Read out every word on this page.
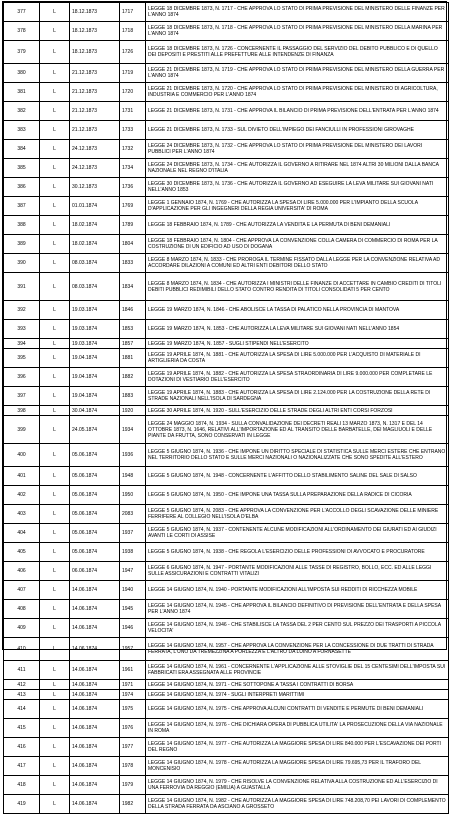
377	L	18.12.1873	1717	LEGGE 18 DICEMBRE 1873, N. 1717 - CHE APPROVA LO STATO DI PRIMA PREVISIONE DEL MINISTERO DELLE FINANZE PER L'ANNO 1874
378	L	18.12.1873	1718	LEGGE 18 DICEMBRE 1873, N. 1718 - CHE APPROVA LO STATO DI PRIMA PREVISIONE DEL MINISTERO DELLA MARINA PER L'ANNO 1874
379	L	18.12.1873	1726	LEGGE 18 DICEMBRE 1873, N. 1726 - CONCERNENTE IL PASSAGGIO DEL SERVIZIO DEL DEBITO PUBBLICO E DI QUELLO DEI DEPOSITI E PRESTITI ALLE PREFETTURE ALLE INTENDENZE DI FINANZA
380	L	21.12.1873	1719	LEGGE 21 DICEMBRE 1873, N. 1719 - CHE APPROVA LO STATO DI PRIMA PREVISIONE DEL MINISTERO DELLA GUERRA PER L'ANNO 1874
381	L	21.12.1873	1720	LEGGE 21 DICEMBRE 1873, N. 1720 - CHE APPROVA LO STATO DI PRIMA PREVISIONE DEL MINISTERO DI AGRICOLTURA, INDUSTRIA E COMMERCIO PER L'ANNO 1874
382	L	21.12.1873	1731	LEGGE 21 DICEMBRE 1873, N. 1731 - CHE APPROVA IL BILANCIO DI PRIMA PREVISIONE DELL'ENTRATA PER L'ANNO 1874
383	L	21.12.1873	1733	LEGGE 21 DICEMBRE 1873, N. 1733 - SUL DIVIETO DELL'IMPIEGO DEI FANCIULLI IN PROFESSIONI GIROVAGHE
384	L	24.12.1873	1732	LEGGE 24 DICEMBRE 1873, N. 1732 - CHE APPROVA LO STATO DI PRIMA PREVISIONE DEL MINISTERO DEI LAVORI PUBBLICI PER L'ANNO 1874
385	L	24.12.1873	1734	LEGGE 24 DICEMBRE 1873, N. 1734 - CHE AUTORIZZA IL GOVERNO A RITIRARE NEL 1874 ALTRI 30 MILIONI DALLA BANCA NAZIONALE NEL REGNO D'ITALIA
386	L	30.12.1873	1736	LEGGE 30 DICEMBRE 1873, N. 1736 - CHE AUTORIZZA IL GOVERNO AD ESEGUIRE LA LEVA MILITARE SUI GIOVANI NATI NELL'ANNO 1853
387	L	01.01.1874	1769	LEGGE 1 GENNAIO 1874, N. 1769 - CHE AUTORIZZA LA SPESA DI LIRE 5.000.000 PER L'IMPIANTO DELLA SCUOLA D'APPLICAZIONE PER GLI INGEGNERI DELLA REGIA UNIVERSITA' DI ROMA
388	L	18.02.1874	1789	LEGGE 18 FEBBRAIO 1874, N. 1789 - CHE AUTORIZZA LA VENDITA E LA PERMUTA DI BENI DEMANIALI
389	L	18.02.1874	1804	LEGGE 18 FEBBRAIO 1874, N. 1804 - CHE APPROVA LA CONVENZIONE COLLA CAMERA DI COMMERCIO DI ROMA PER LA COSTRUZIONE DI UN EDIFICIO AD USO DI DOGANA
390	L	08.03.1874	1833	LEGGE 8 MARZO 1874, N. 1833 - CHE PROROGA IL TERMINE FISSATO DALLA LEGGE PER LA CONVENZIONE RELATIVA AD ACCORDARE DILAZIONI A COMUNI ED ALTRI ENTI DEBITORI DELLO STATO
391	L	08.03.1874	1834	LEGGE 8 MARZO 1874, N. 1834 - CHE AUTORIZZA I MINISTRI DELLE FINANZE DI ACCETTARE IN CAMBIO CREDITI DI TITOLI DEBITI PUBBLICI REDIMIBILI DELLO STATO CONTRO RENDITA DI TITOLI CONSOLIDATI 5 PER CENTO
392	L	19.03.1874	1846	LEGGE 19 MARZO 1874, N. 1846 - CHE ABOLISCE LA TASSA DI PALATICO NELLA PROVINCIA DI MANTOVA
393	L	19.03.1874	1853	LEGGE 19 MARZO 1874, N. 1853 - CHE AUTORIZZA LA LEVA MILITARE SUI GIOVANI NATI NELL'ANNO 1854
394	L	19.03.1874	1857	LEGGE 19 MARZO 1874, N. 1857 - SUGLI STIPENDI NELL'ESERCITO
395	L	19.04.1874	1881	LEGGE 19 APRILE 1874, N. 1881 - CHE AUTORIZZA LA SPESA DI LIRE 5.000.000 PER L'ACQUISTO DI MATERIALE DI ARTIGLIERIA DA COSTA
396	L	19.04.1874	1882	LEGGE 19 APRILE 1874, N. 1882 - CHE AUTORIZZA LA SPESA STRAORDINARIA DI LIRE 9.000.000 PER COMPLETARE LE DOTAZIONI DI VESTIARIO DELL'ESERCITO
397	L	19.04.1874	1883	LEGGE 19 APRILE 1874, N. 1883 - CHE AUTORIZZA LA SPESA DI LIRE 2.124.000 PER LA COSTRUZIONE DELLA RETE DI STRADE NAZIONALI NELL'ISOLA DI SARDEGNA
398	L	30.04.1874	1920	LEGGE 30 APRILE 1874, N. 1920 - SULL'ESERCIZIO DELLE STRADE DEGLI ALTRI ENTI CORSI FORZOSI
399	L	24.05.1874	1934	LEGGE 24 MAGGIO 1874, N. 1934 - SULLA CONVALIDAZIONE DEI DECRETI REALI 13 MARZO 1873, N. 1317 E DEL 14 OTTOBRE 1873, N. 1646, RELATIVI ALL'IMPORTAZIONE ED AL TRANSITO DELLE BARBATELLE, DEI MAGLIUOLI E DELLE PIANTE DA FRUTTA, SONO CONSERVATI IN LEGGE
400	L	05.06.1874	1936	LEGGE 5 GIUGNO 1874, N. 1936 - CHE IMPONE UN DIRITTO SPECIALE DI STATISTICA SULLE MERCI ESTERE CHE ENTRANO NEL TERRITORIO DELLO STATO E SULLE MERCI NAZIONALI O NAZIONALIZZATE CHE SONO SPEDITE ALL'ESTERO
401	L	05.06.1874	1948	LEGGE 5 GIUGNO 1874, N. 1948 - CONCERNENTE L'AFFITTO DELLO STABILIMENTO SALINE DEL SALE DI SALSO
402	L	05.06.1874	1950	LEGGE 5 GIUGNO 1874, N. 1950 - CHE IMPONE UNA TASSA SULLA PREPARAZIONE DELLA RADICE DI CICORIA
403	L	05.06.1874	2083	LEGGE 5 GIUGNO 1874, N. 2083 - CHE APPROVA LA CONVENZIONE PER L'ACCOLLO DEGLI SCAVAZIONE DELLE MINIERE FERRIFERE AL COLLEGIO NELL'ISOLA D'ELBA
404	L	05.06.1874	1937	LEGGE 5 GIUGNO 1874, N. 1937 - CONTENENTE ALCUNE MODIFICAZIONI ALL'ORDINAMENTO DEI GIURATI ED AI GIUDIZI AVANTI LE CORTI DI ASSISE
405	L	05.06.1874	1938	LEGGE 5 GIUGNO 1874, N. 1938 - CHE REGOLA L'ESERCIZIO DELLE PROFESSIONI DI AVVOCATO E PROCURATORE
406	L	06.06.1874	1947	LEGGE 6 GIUGNO 1874, N. 1947 - PORTANTE MODIFICAZIONI ALLE TASSE DI REGISTRO, BOLLO, ECC. ED ALLE LEGGI SULLE ASSICURAZIONI E CONTRATTI VITALIZI
407	L	14.06.1874	1940	LEGGE 14 GIUGNO 1874, N. 1940 - PORTANTE MODIFICAZIONI ALL'IMPOSTA SUI REDDITI DI RICCHEZZA MOBILE
408	L	14.06.1874	1945	LEGGE 14 GIUGNO 1874, N. 1945 - CHE APPROVA IL BILANCIO DEFINITIVO DI PREVISIONE DELL'ENTRATA E DELLA SPESA PER L'ANNO 1874
409	L	14.06.1874	1946	LEGGE 14 GIUGNO 1874, N. 1946 - CHE STABILISCE LA TASSA DEL 2 PER CENTO SUL PREZZO DEI TRASPORTI A PICCOLA VELOCITA'
410	L	14.06.1874	1957	LEGGE 14 GIUGNO 1874, N. 1957 - CHE APPROVA LA CONVENZIONE PER LA CONCESSIONE DI DUE TRATTI DI STRADA FERRATA, L'UNO DA TREMEZZINA A PORLEZZA E L'ALTRO DA LUINO A FORNASETTE
411	L	14.06.1874	1961	LEGGE 14 GIUGNO 1874, N. 1961 - CONCERNENTE L'APPLICAZIONE ALLE STOVIGLIE DEL 15 CENTESIMI DELL'IMPOSTA SUI FABBRICATI ERA ASSEGNATA ALLE PROVINCIE
412	L	14.06.1874	1971	LEGGE 14 GIUGNO 1874, N. 1971 - CHE SOTTOPONE A TASSA I CONTRATTI DI BORSA
413	L	14.06.1874	1974	LEGGE 14 GIUGNO 1874, N. 1974 - SUGLI INTERPRETI MARITTIMI
414	L	14.06.1874	1975	LEGGE 14 GIUGNO 1874, N. 1975 - CHE APPROVA ALCUNI CONTRATTI DI VENDITE E PERMUTE DI BENI DEMANIALI
415	L	14.06.1874	1976	LEGGE 14 GIUGNO 1874, N. 1976 - CHE DICHIARA OPERA DI PUBBLICA UTILITA' LA PROSECUZIONE DELLA VIA NAZIONALE IN ROMA
416	L	14.06.1874	1977	LEGGE 14 GIUGNO 1874, N. 1977 - CHE AUTORIZZA LA MAGGIORE SPESA DI LIRE 840.000 PER L'ESCAVAZIONE DEI PORTI DEL REGNO
417	L	14.06.1874	1978	LEGGE 14 GIUGNO 1874, N. 1978 - CHE AUTORIZZA LA MAGGIORE SPESA DI LIRE 79.695,73 PER IL TRAFORO DEL MONCENISIO
418	L	14.06.1874	1979	LEGGE 14 GIUGNO 1874, N. 1979 - CHE RISOLVE LA CONVENZIONE RELATIVA ALLA COSTRUZIONE ED ALL'ESERCIZIO DI UNA FERROVIA DA REGGIO (EMILIA) A GUASTALLA
419	L	14.06.1874	1982	LEGGE 14 GIUGNO 1874, N. 1982 - CHE AUTORIZZA LA MAGGIORE SPESA DI LIRE 748.208,70 PEI LAVORI DI COMPLEMENTO DELLA STRADA FERRATA DA ASCIANO A GROSSETO
